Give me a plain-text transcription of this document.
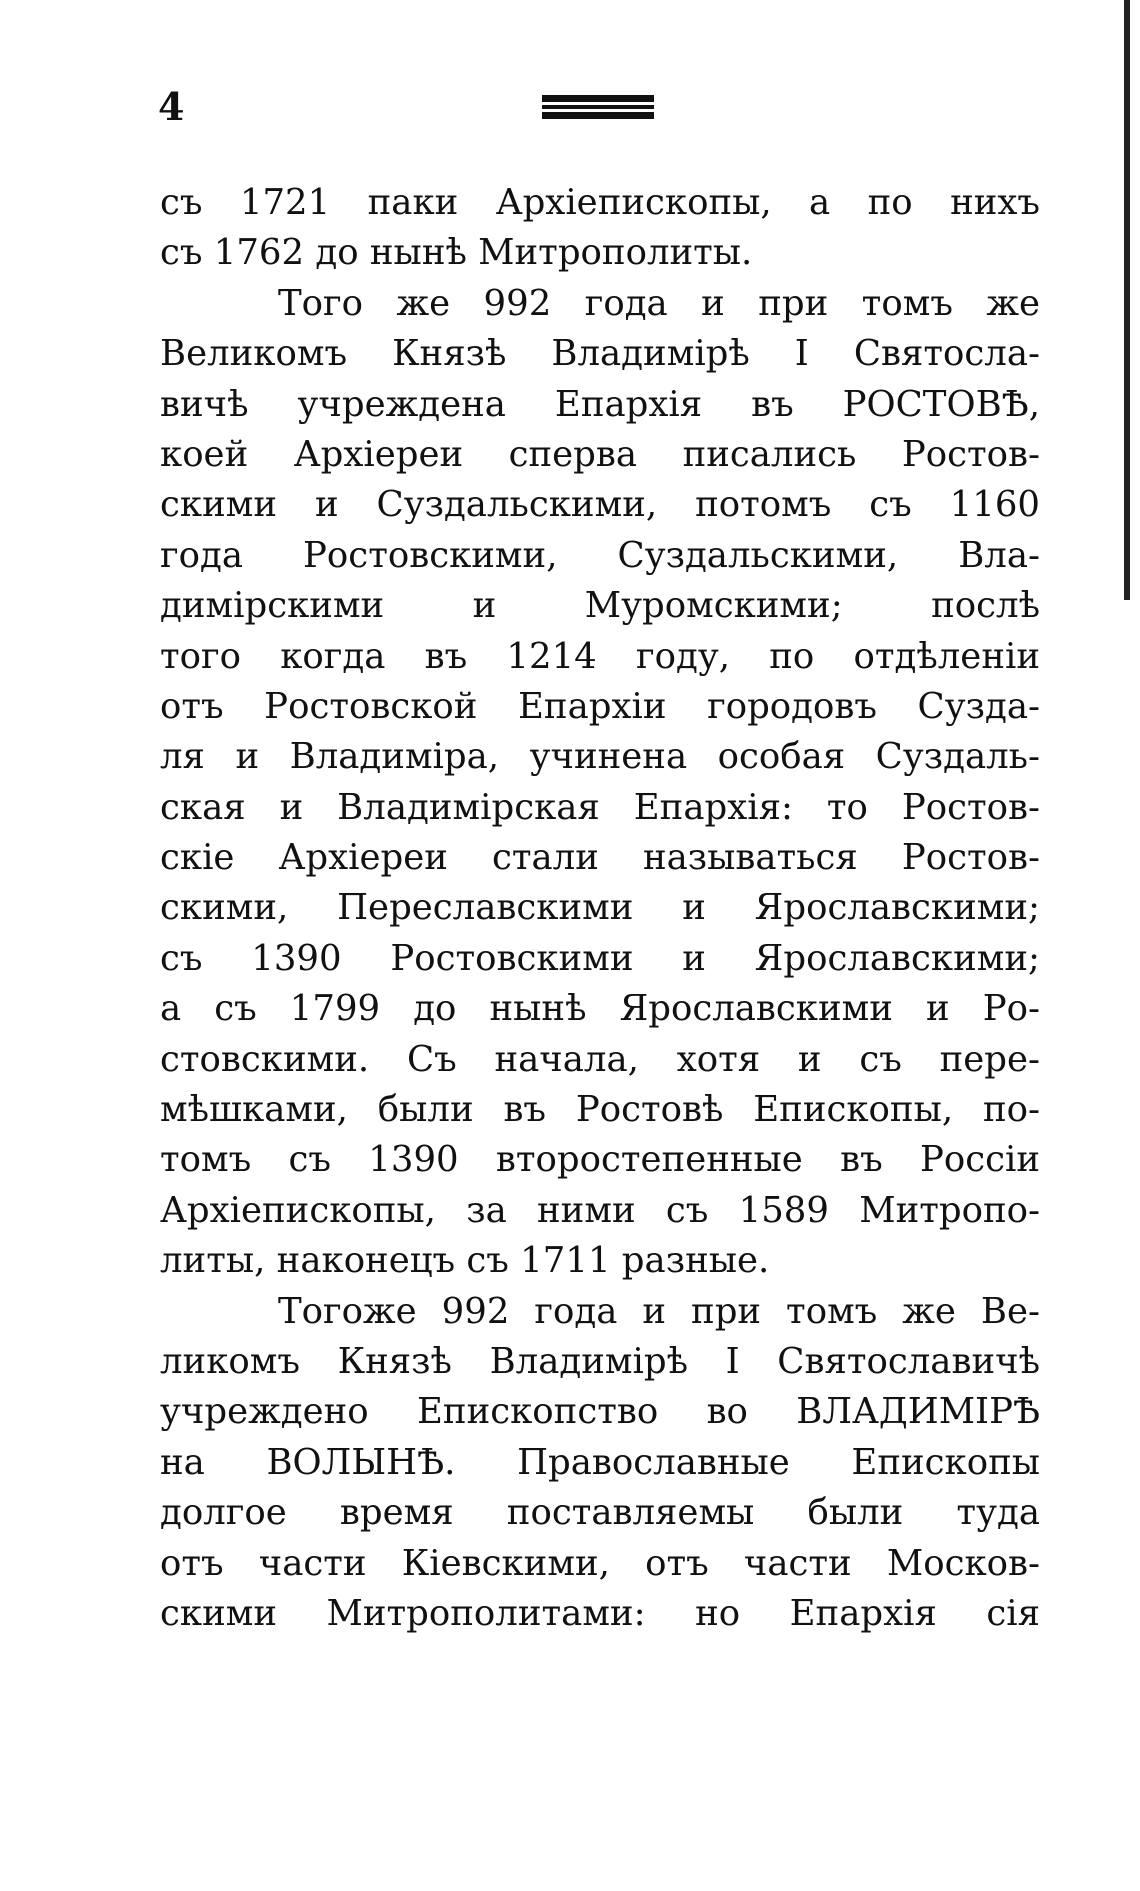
4
съ 1721 паки Архіепископы, а по нихъ
съ 1762 до нынѣ Митрополиты.
Того же 992 года и при томъ же
Великомъ Князѣ Владимірѣ I Святосла-
вичѣ учреждена Епархія въ РОСТОВѢ,
коей Архіереи сперва писались Ростов-
скими и Суздальскими, потомъ съ 1160
года Ростовскими, Суздальскими, Вла-
димірскими и Муромскими; послѣ
того когда въ 1214 году, по отдѣленіи
отъ Ростовской Епархіи городовъ Сузда-
ля и Владиміра, учинена особая Суздаль-
ская и Владимірская Епархія: то Ростов-
скіе Архіереи стали называться Ростов-
скими, Переславскими и Ярославскими;
съ 1390 Ростовскими и Ярославскими;
а съ 1799 до нынѣ Ярославскими и Ро-
стовскими. Съ начала, хотя и съ пере-
мѣшками, были въ Ростовѣ Епископы, по-
томъ съ 1390 второстепенные въ Россіи
Архіепископы, за ними съ 1589 Митропо-
литы, наконецъ съ 1711 разные.
Тогоже 992 года и при томъ же Ве-
ликомъ Князѣ Владимірѣ I Святославичѣ
учреждено Епископство во ВЛАДИМІРѢ
на ВОЛЫНѢ. Православные Епископы
долгое время поставляемы были туда
отъ части Кіевскими, отъ части Москов-
скими Митрополитами: но Епархія сія
